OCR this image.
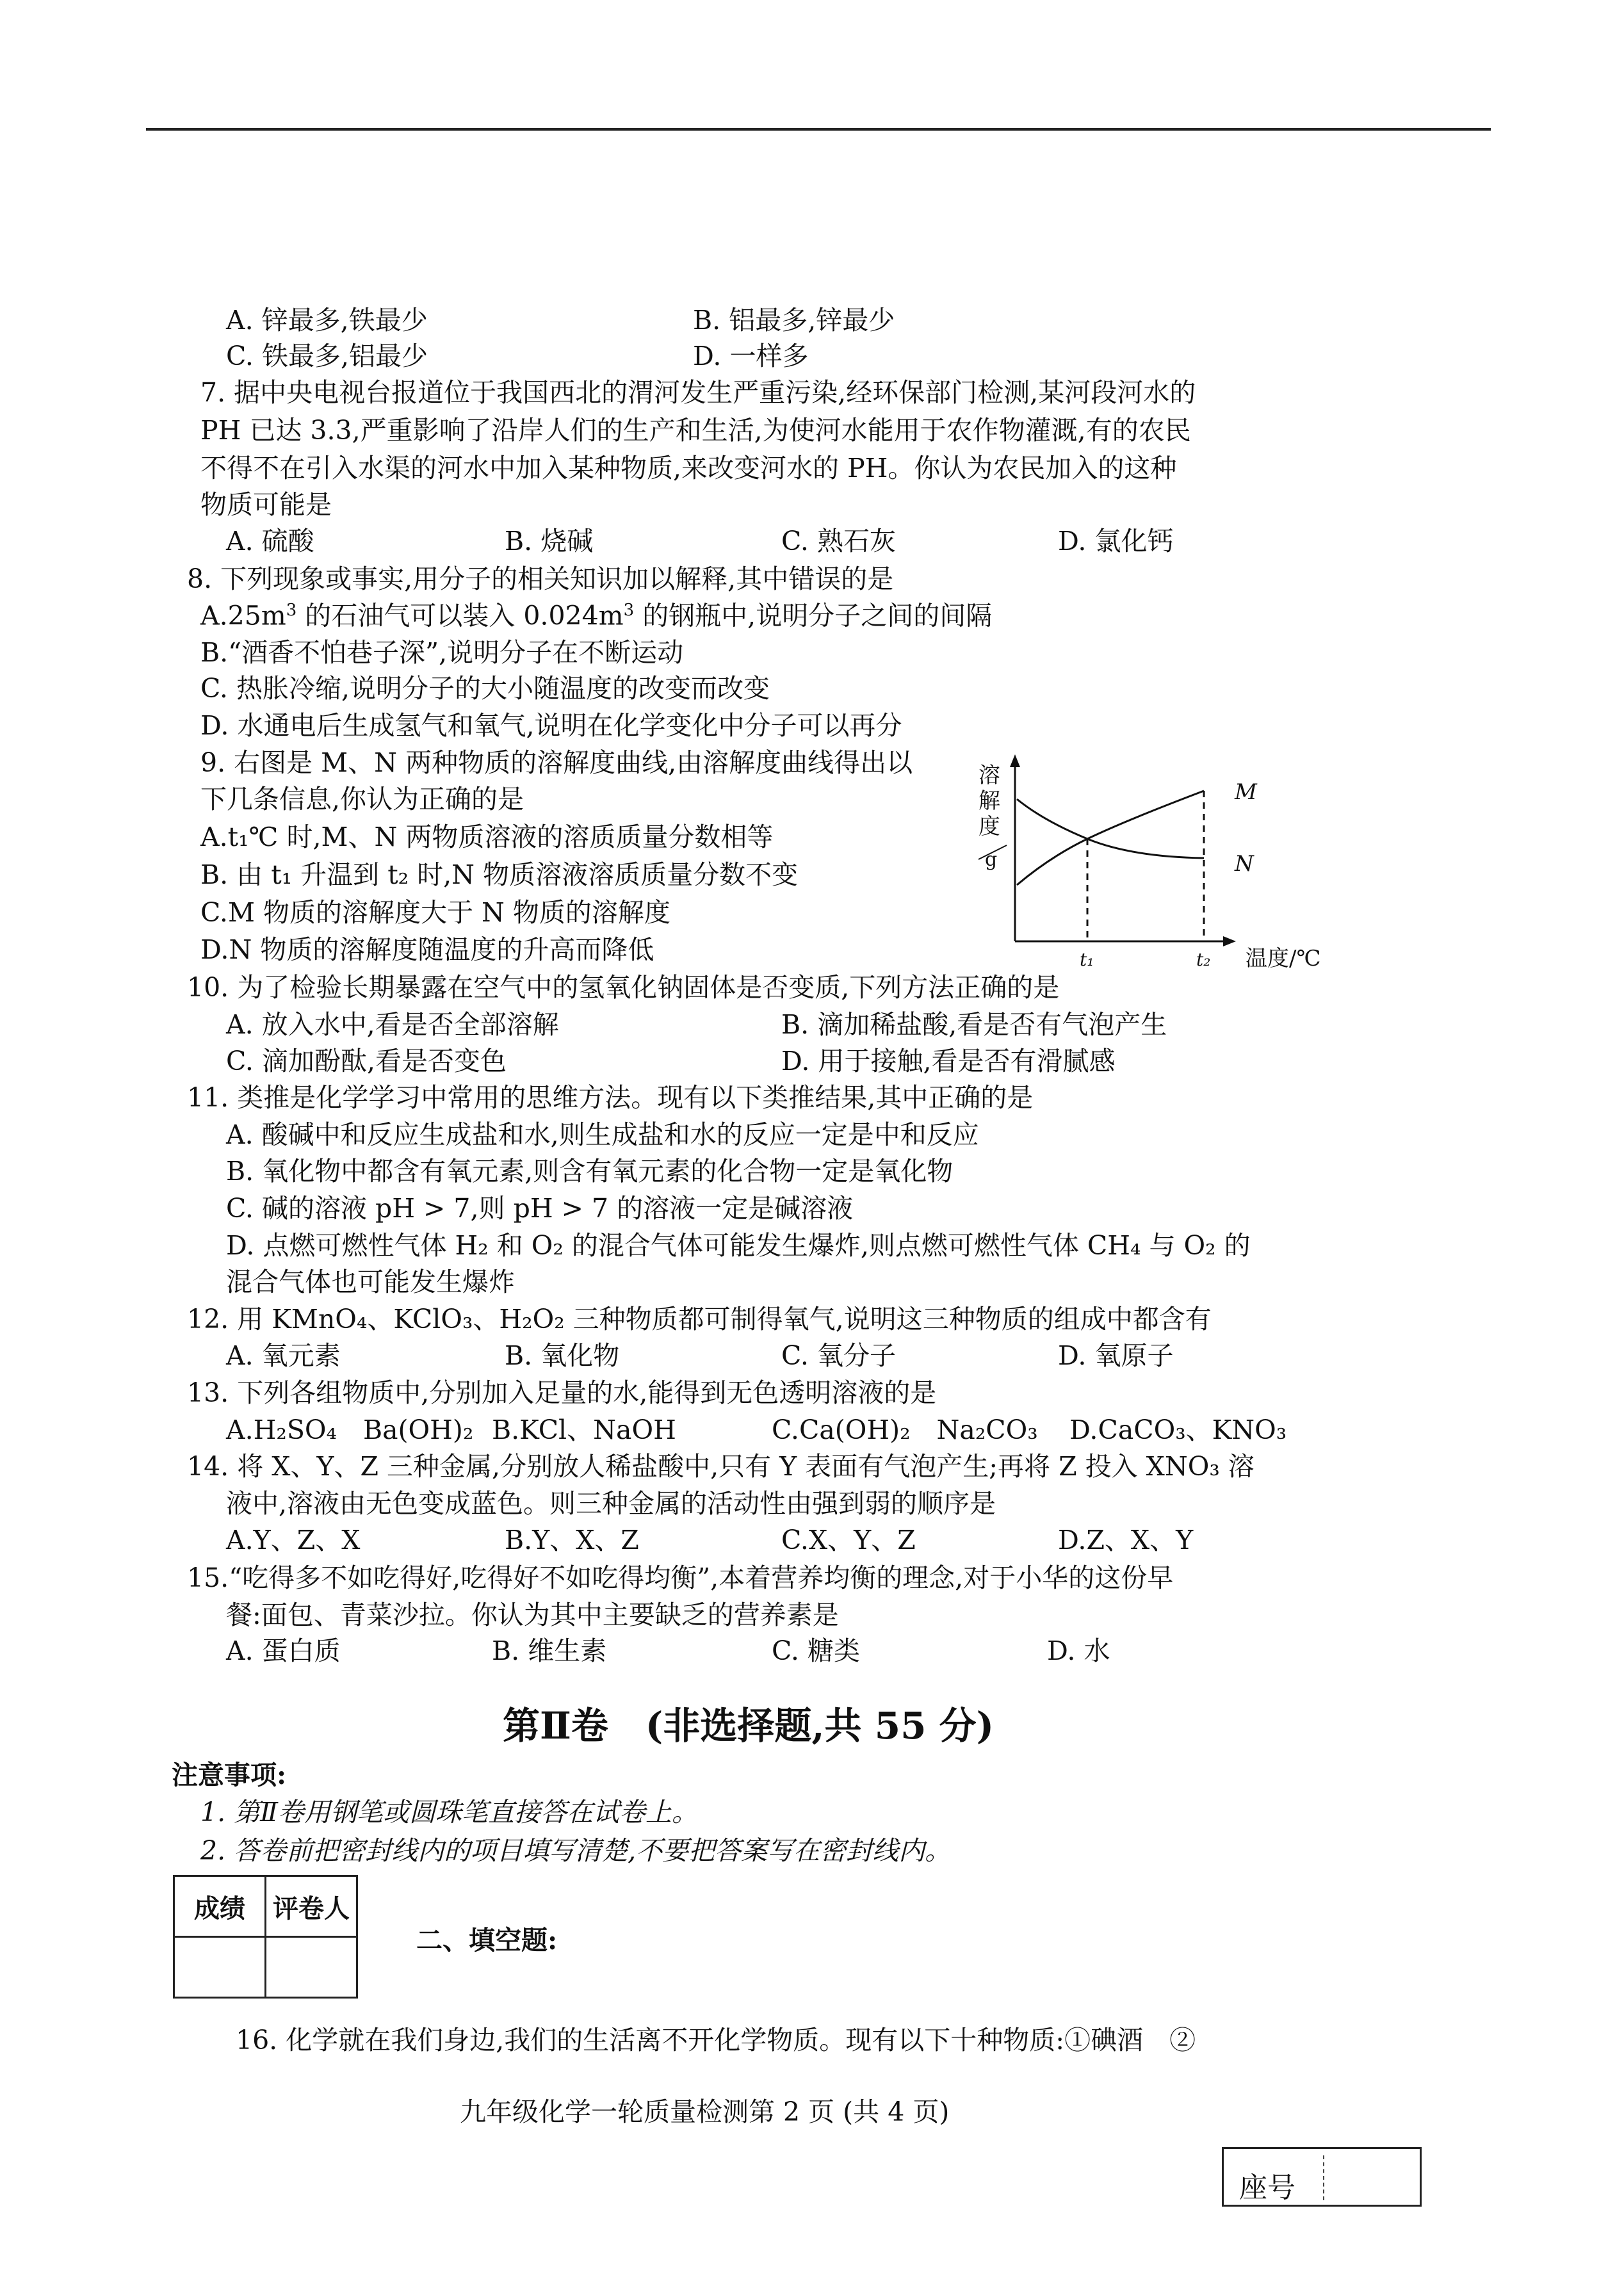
A. 锌最多,铁最少	B. 铝最多,锌最少
C. 铁最多,铝最少	D. 一样多
7. 据中央电视台报道位于我国西北的渭河发生严重污染,经环保部门检测,某河段河水的
PH 已达 3.3,严重影响了沿岸人们的生产和生活,为使河水能用于农作物灌溉,有的农民
不得不在引入水渠的河水中加入某种物质,来改变河水的 PH。你认为农民加入的这种
物质可能是
A. 硫酸	B. 烧碱	C. 熟石灰	D. 氯化钙
8. 下列现象或事实,用分子的相关知识加以解释,其中错误的是
$A.25m^3$ 的石油气可以装入 $0.024m^3$ 的钢瓶中,说明分子之间的间隔
B.“酒香不怕巷子深”,说明分子在不断运动
C. 热胀冷缩,说明分子的大小随温度的改变而改变
D. 水通电后生成氢气和氧气,说明在化学变化中分子可以再分
9. 右图是 M、N 两种物质的溶解度曲线,由溶解度曲线得出以
下几条信息,你认为正确的是
A.t₁℃ 时,M、N 两物质溶液的溶质质量分数相等
B. 由 t₁ 升温到 t₂ 时,N 物质溶液溶质质量分数不变
C.M 物质的溶解度大于 N 物质的溶解度
D.N 物质的溶解度随温度的升高而降低
溶
解
度
g
M
N
t₁	t₂ 温度/℃
10. 为了检验长期暴露在空气中的氢氧化钠固体是否变质,下列方法正确的是
A. 放入水中,看是否全部溶解	B. 滴加稀盐酸,看是否有气泡产生
C. 滴加酚酞,看是否变色	D. 用于接触,看是否有滑腻感
11. 类推是化学学习中常用的思维方法。现有以下类推结果,其中正确的是
A. 酸碱中和反应生成盐和水,则生成盐和水的反应一定是中和反应
B. 氧化物中都含有氧元素,则含有氧元素的化合物一定是氧化物
C. 碱的溶液 pH > 7,则 pH > 7 的溶液一定是碱溶液
D. 点燃可燃性气体 H₂ 和 O₂ 的混合气体可能发生爆炸,则点燃可燃性气体 CH₄ 与 O₂ 的
混合气体也可能发生爆炸
12. 用 KMnO₄、KClO₃、H₂O₂ 三种物质都可制得氧气,说明这三种物质的组成中都含有
A. 氧元素	B. 氧化物	C. 氧分子	D. 氧原子
13. 下列各组物质中,分别加入足量的水,能得到无色透明溶液的是
A.H₂SO₄　Ba(OH)₂ B.KCl、NaOH	C.Ca(OH)₂　Na₂CO₃ D.CaCO₃、KNO₃
14. 将 X、Y、Z 三种金属,分别放人稀盐酸中,只有 Y 表面有气泡产生;再将 Z 投入 XNO₃ 溶
液中,溶液由无色变成蓝色。则三种金属的活动性由强到弱的顺序是
A.Y、Z、X	B.Y、X、Z	C.X、Y、Z	D.Z、X、Y
15.“吃得多不如吃得好,吃得好不如吃得均衡”,本着营养均衡的理念,对于小华的这份早
餐:面包、青菜沙拉。你认为其中主要缺乏的营养素是
A. 蛋白质	B. 维生素	C. 糖类	D. 水
第Ⅱ卷　(非选择题,共 55 分)
注意事项:
1. 第Ⅱ卷用钢笔或圆珠笔直接答在试卷上。
2. 答卷前把密封线内的项目填写清楚,不要把答案写在密封线内。
成绩	评卷人

二、填空题:
16. 化学就在我们身边,我们的生活离不开化学物质。现有以下十种物质:①碘酒　②
九年级化学一轮质量检测第 2 页 (共 4 页)
座号
